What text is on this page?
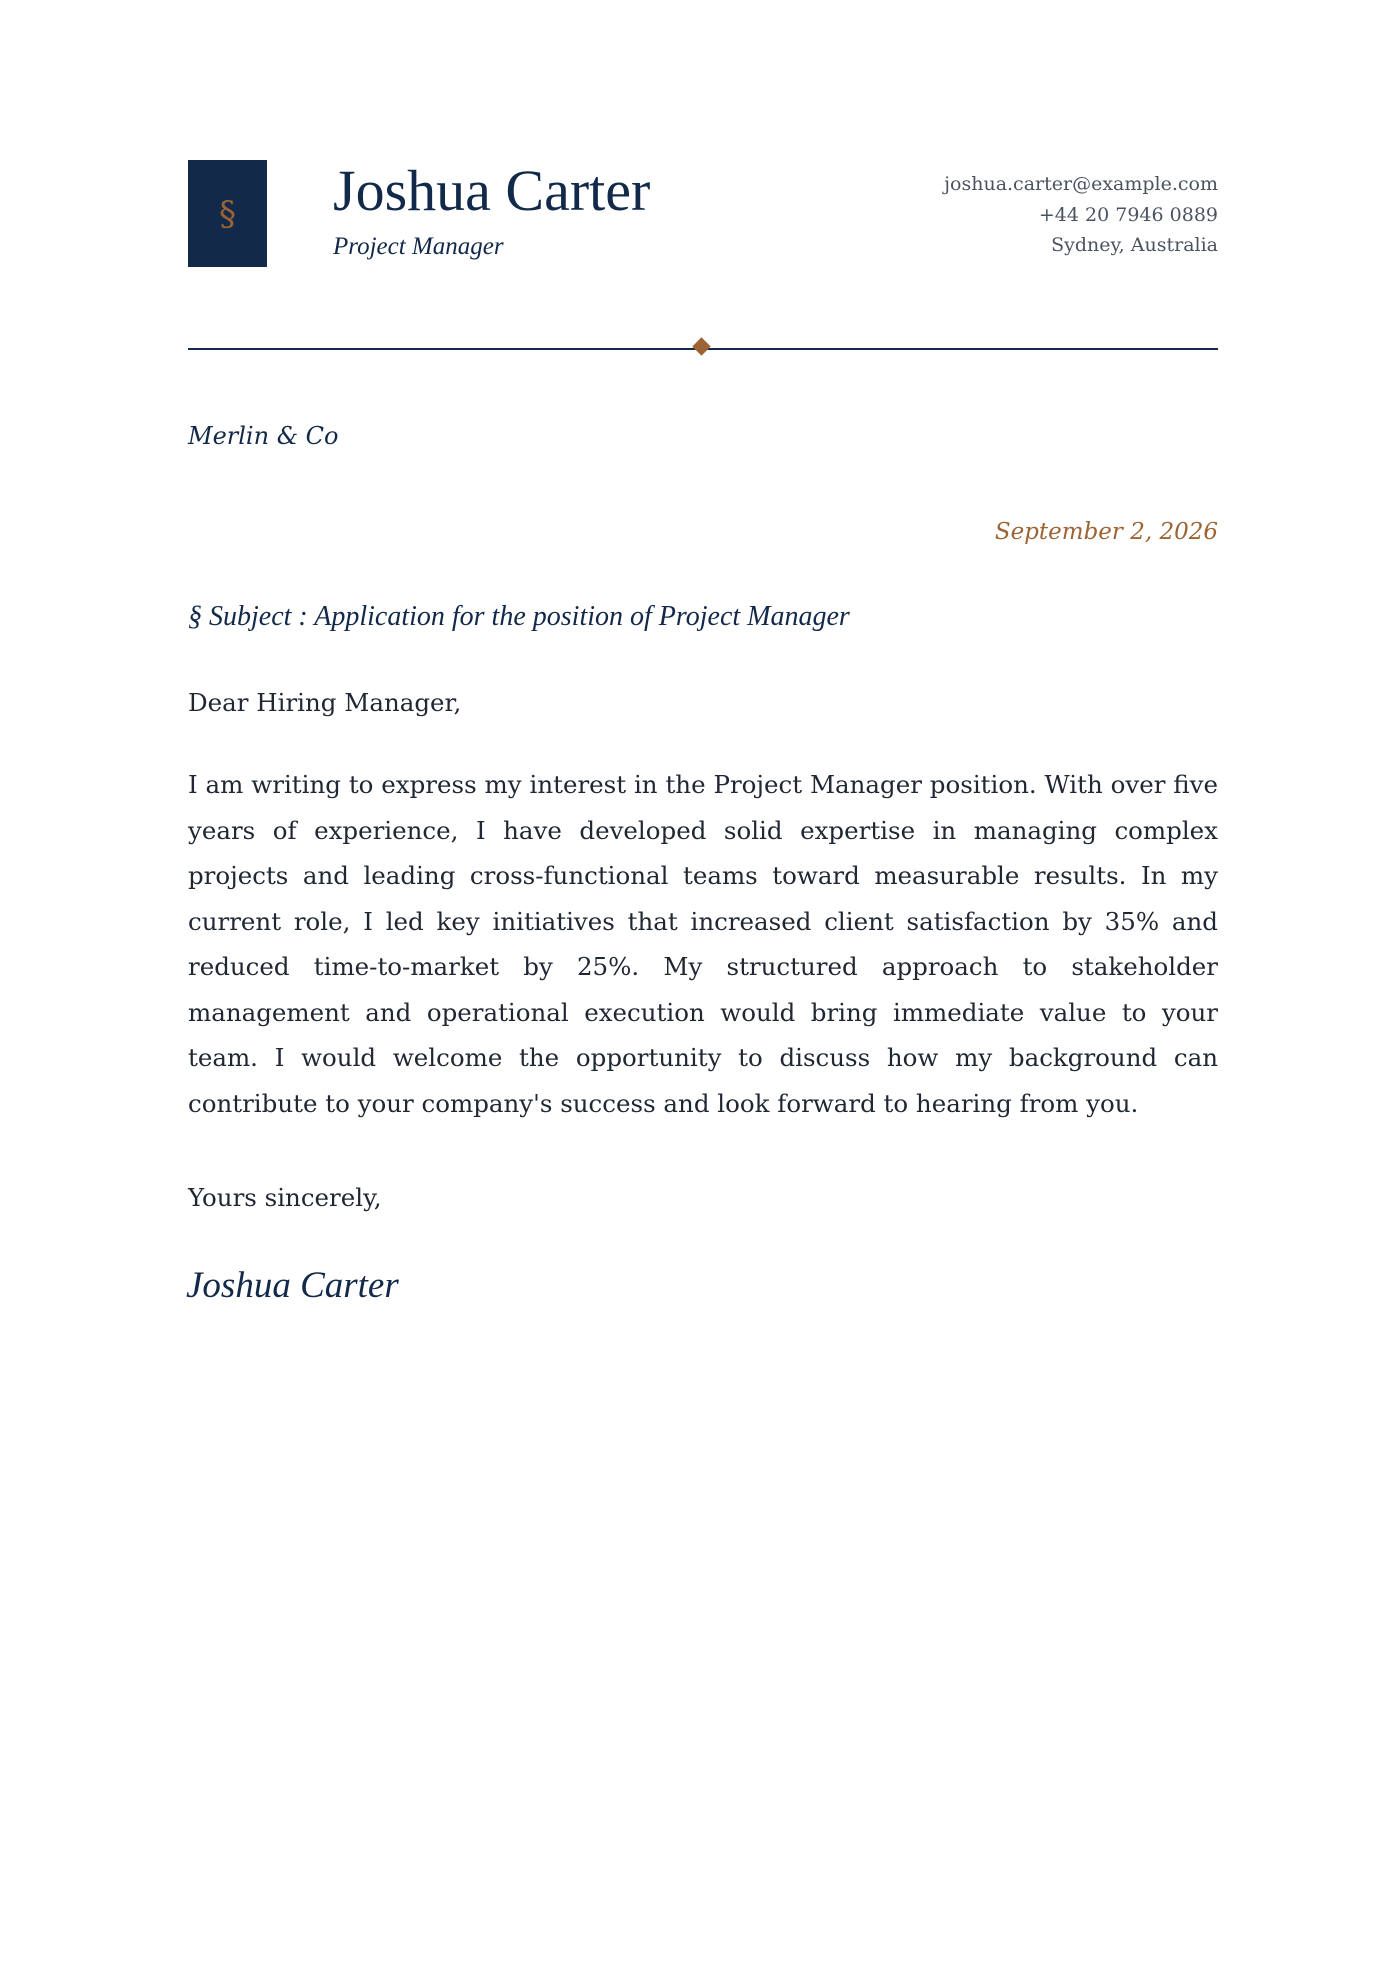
§ Joshua Carter
Project Manager
joshua.carter@example.com
+44 20 7946 0889
Sydney, Australia
Merlin & Co
September 2, 2026
§ Subject : Application for the position of Project Manager
Dear Hiring Manager,

I am writing to express my interest in the Project Manager position. With over five years of experience, I have developed solid expertise in managing complex projects and leading cross-functional teams toward measurable results. In my current role, I led key initiatives that increased client satisfaction by 35% and reduced time-to-market by 25%. My structured approach to stakeholder management and operational execution would bring immediate value to your team. I would welcome the opportunity to discuss how my background can contribute to your company's success and look forward to hearing from you.

Yours sincerely,
Joshua Carter
